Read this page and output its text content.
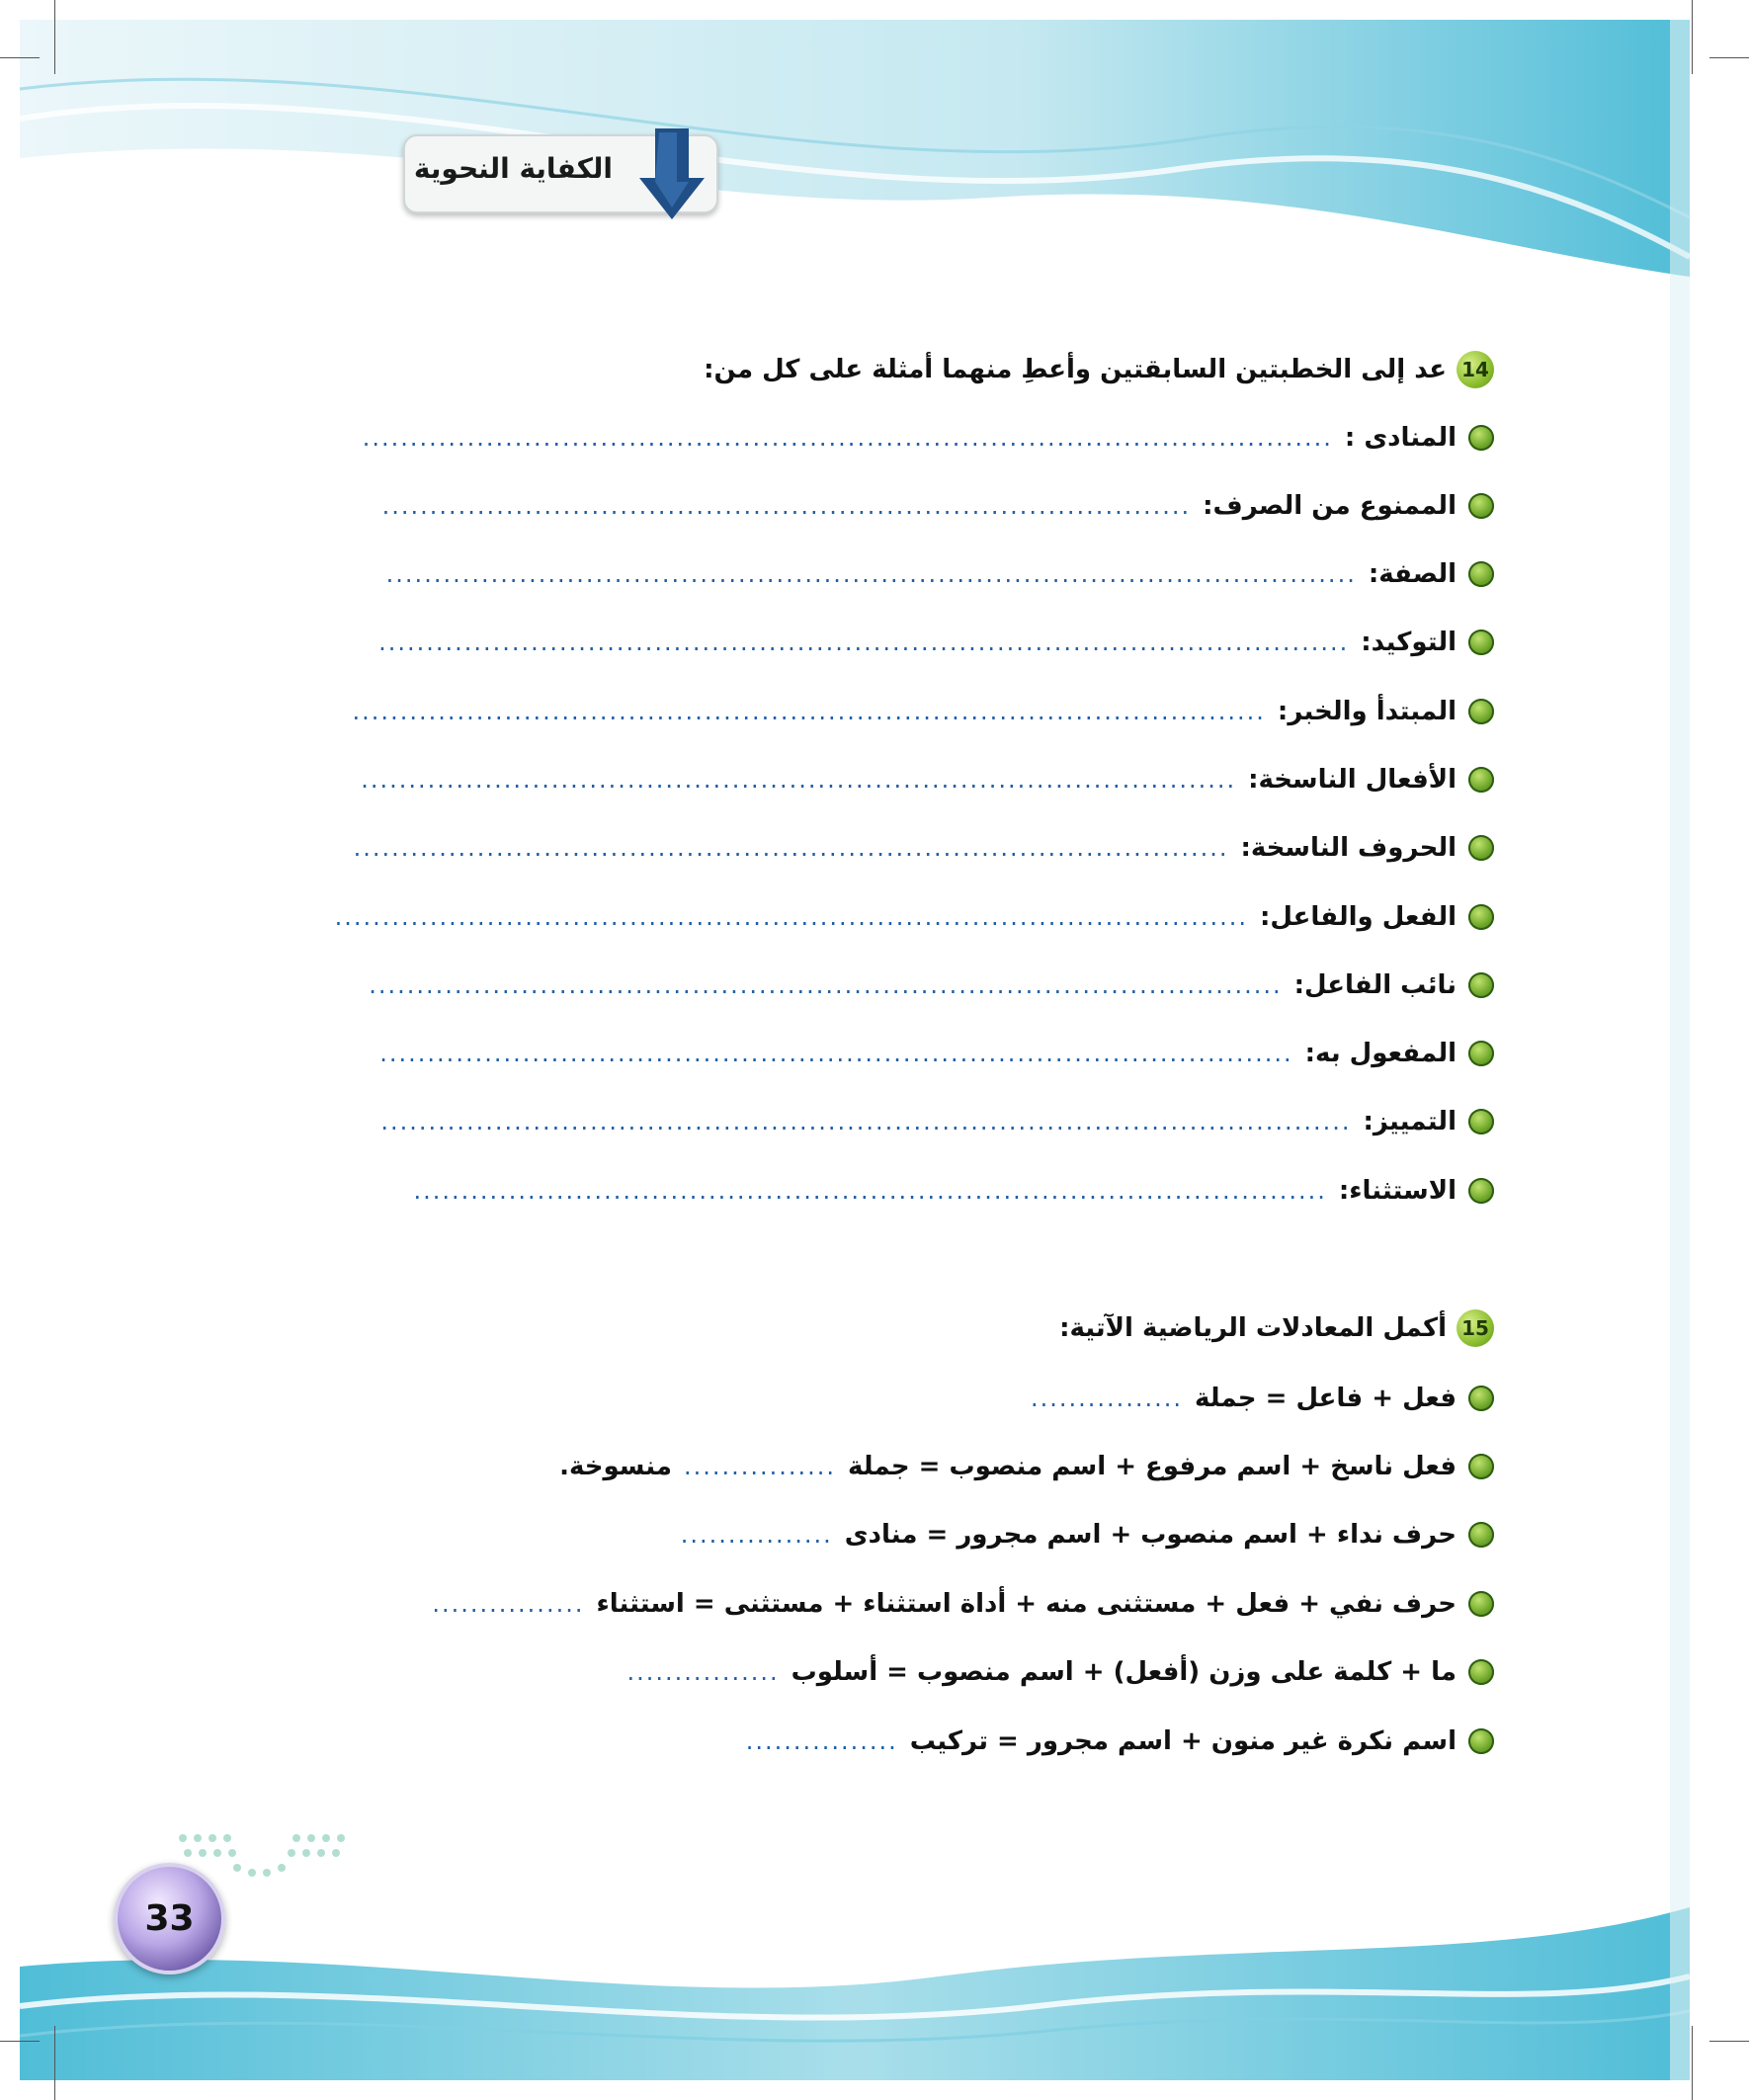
الكفاية النحوية
14
عد إلى الخطبتين السابقتين وأعطِ منهما أمثلة على كل من:
المنادى :
......................................................................................................
الممنوع من الصرف:
.....................................................................................
الصفة:
......................................................................................................
التوكيد:
......................................................................................................
المبتدأ والخبر:
................................................................................................
الأفعال الناسخة:
............................................................................................
الحروف الناسخة:
............................................................................................
الفعل والفاعل:
................................................................................................
نائب الفاعل:
................................................................................................
المفعول به:
................................................................................................
التمييز:
......................................................................................................
الاستثناء:
................................................................................................
15
أكمل المعادلات الرياضية الآتية:
فعل + فاعل = جملة
................
فعل ناسخ + اسم مرفوع + اسم منصوب = جملة
................
منسوخة.
حرف نداء + اسم منصوب + اسم مجرور = منادى
................
حرف نفي + فعل + مستثنى منه + أداة استثناء + مستثنى = استثناء
................
ما + كلمة على وزن (أفعل) + اسم منصوب = أسلوب
................
اسم نكرة غير منون + اسم مجرور = تركيب
................
33
